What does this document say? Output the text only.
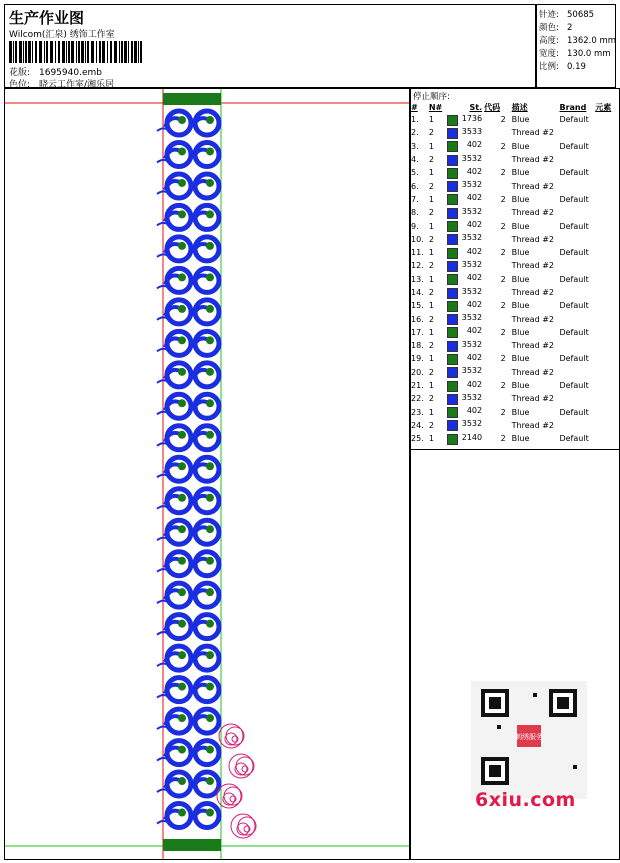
生产作业图
Wilcom(汇泉) 绣饰工作室
花版: 1695940.emb
色位: 晓云工作室/湘乐居
针迹: 50685
颜色: 2
高度: 1362.0 mm
宽度: 130.0 mm
比例: 0.19
停止顺序:
#	N#	St.	代码	描述	Brand	元素
1.	1	1736	2	Blue	Default	
2.	2	3533		Thread #2		
3.	1	402	2	Blue	Default	
4.	2	3532		Thread #2		
5.	1	402	2	Blue	Default	
6.	2	3532		Thread #2		
7.	1	402	2	Blue	Default	
8.	2	3532		Thread #2		
9.	1	402	2	Blue	Default	
10.	2	3532		Thread #2		
11.	1	402	2	Blue	Default	
12.	2	3532		Thread #2		
13.	1	402	2	Blue	Default	
14.	2	3532		Thread #2		
15.	1	402	2	Blue	Default	
16.	2	3532		Thread #2		
17.	1	402	2	Blue	Default	
18.	2	3532		Thread #2		
19.	1	402	2	Blue	Default	
20.	2	3532		Thread #2		
21.	1	402	2	Blue	Default	
22.	2	3532		Thread #2		
23.	1	402	2	Blue	Default	
24.	2	3532		Thread #2		
25.	1	2140	2	Blue	Default	
刺绣服务
6xiu.com
